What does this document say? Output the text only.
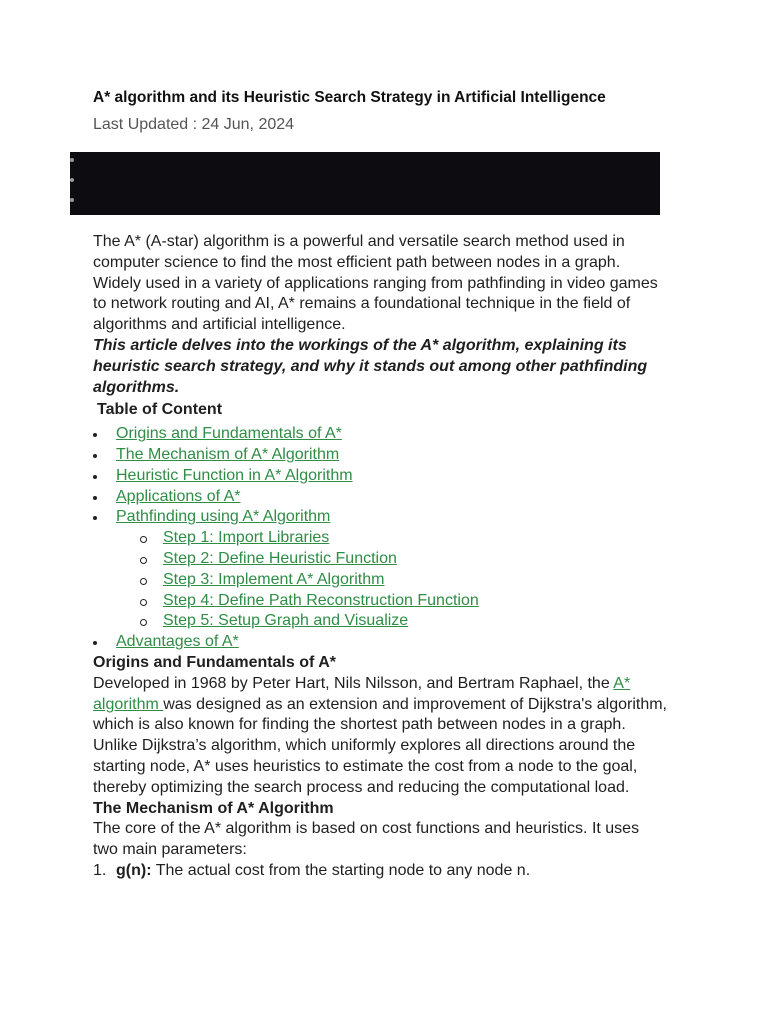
A* algorithm and its Heuristic Search Strategy in Artificial Intelligence
Last Updated : 24 Jun, 2024

The A* (A-star) algorithm is a powerful and versatile search method used in computer science to find the most efficient path between nodes in a graph. Widely used in a variety of applications ranging from pathfinding in video games to network routing and AI, A* remains a foundational technique in the field of algorithms and artificial intelligence.

This article delves into the workings of the A* algorithm, explaining its heuristic search strategy, and why it stands out among other pathfinding algorithms.

Table of Content
Origins and Fundamentals of A*
The Mechanism of A* Algorithm
Heuristic Function in A* Algorithm
Applications of A*
Pathfinding using A* Algorithm
Step 1: Import Libraries
Step 2: Define Heuristic Function
Step 3: Implement A* Algorithm
Step 4: Define Path Reconstruction Function
Step 5: Setup Graph and Visualize
Advantages of A*
Origins and Fundamentals of A*

Developed in 1968 by Peter Hart, Nils Nilsson, and Bertram Raphael, the A* algorithm was designed as an extension and improvement of Dijkstra's algorithm, which is also known for finding the shortest path between nodes in a graph. Unlike Dijkstra’s algorithm, which uniformly explores all directions around the starting node, A* uses heuristics to estimate the cost from a node to the goal, thereby optimizing the search process and reducing the computational load.

The Mechanism of A* Algorithm

The core of the A* algorithm is based on cost functions and heuristics. It uses two main parameters:

1. g(n): The actual cost from the starting node to any node n.
